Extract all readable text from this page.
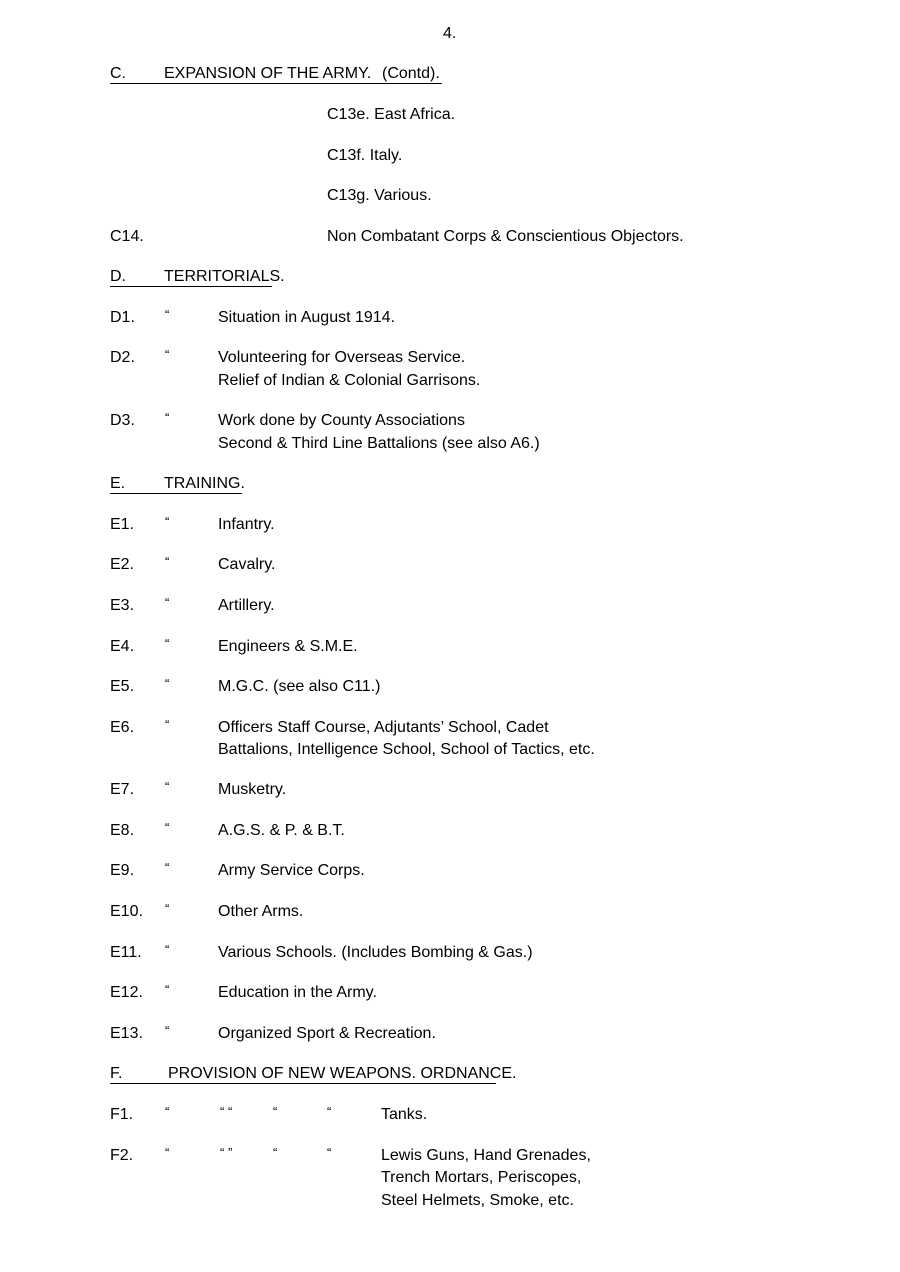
4.
C. EXPANSION OF THE ARMY. (Contd).
C13e. East Africa.
C13f. Italy.
C13g. Various.
C14.	Non Combatant Corps & Conscientious Objectors.
D. TERRITORIALS.
D1. “	Situation in August 1914.
D2. “	Volunteering for Overseas Service.
Relief of Indian & Colonial Garrisons.
D3. “	Work done by County Associations
Second & Third Line Battalions (see also A6.)
E. TRAINING.
E1. “	Infantry.
E2. “	Cavalry.
E3. “	Artillery.
E4. “	Engineers & S.M.E.
E5. “	M.G.C. (see also C11.)
E6. “	Officers Staff Course, Adjutants’ School, Cadet
Battalions, Intelligence School, School of Tactics, etc.
E7. “	Musketry.
E8. “	A.G.S. & P. & B.T.
E9. “	Army Service Corps.
E10. “	Other Arms.
E11. “	Various Schools. (Includes Bombing & Gas.)
E12. “	Education in the Army.
E13. “	Organized Sport & Recreation.
F.	PROVISION OF NEW WEAPONS. ORDNANCE.
F1. “	“ “	“	“	Tanks.
F2. “	“ ”	“	“	Lewis Guns, Hand Grenades,
Trench Mortars, Periscopes,
Steel Helmets, Smoke, etc.
